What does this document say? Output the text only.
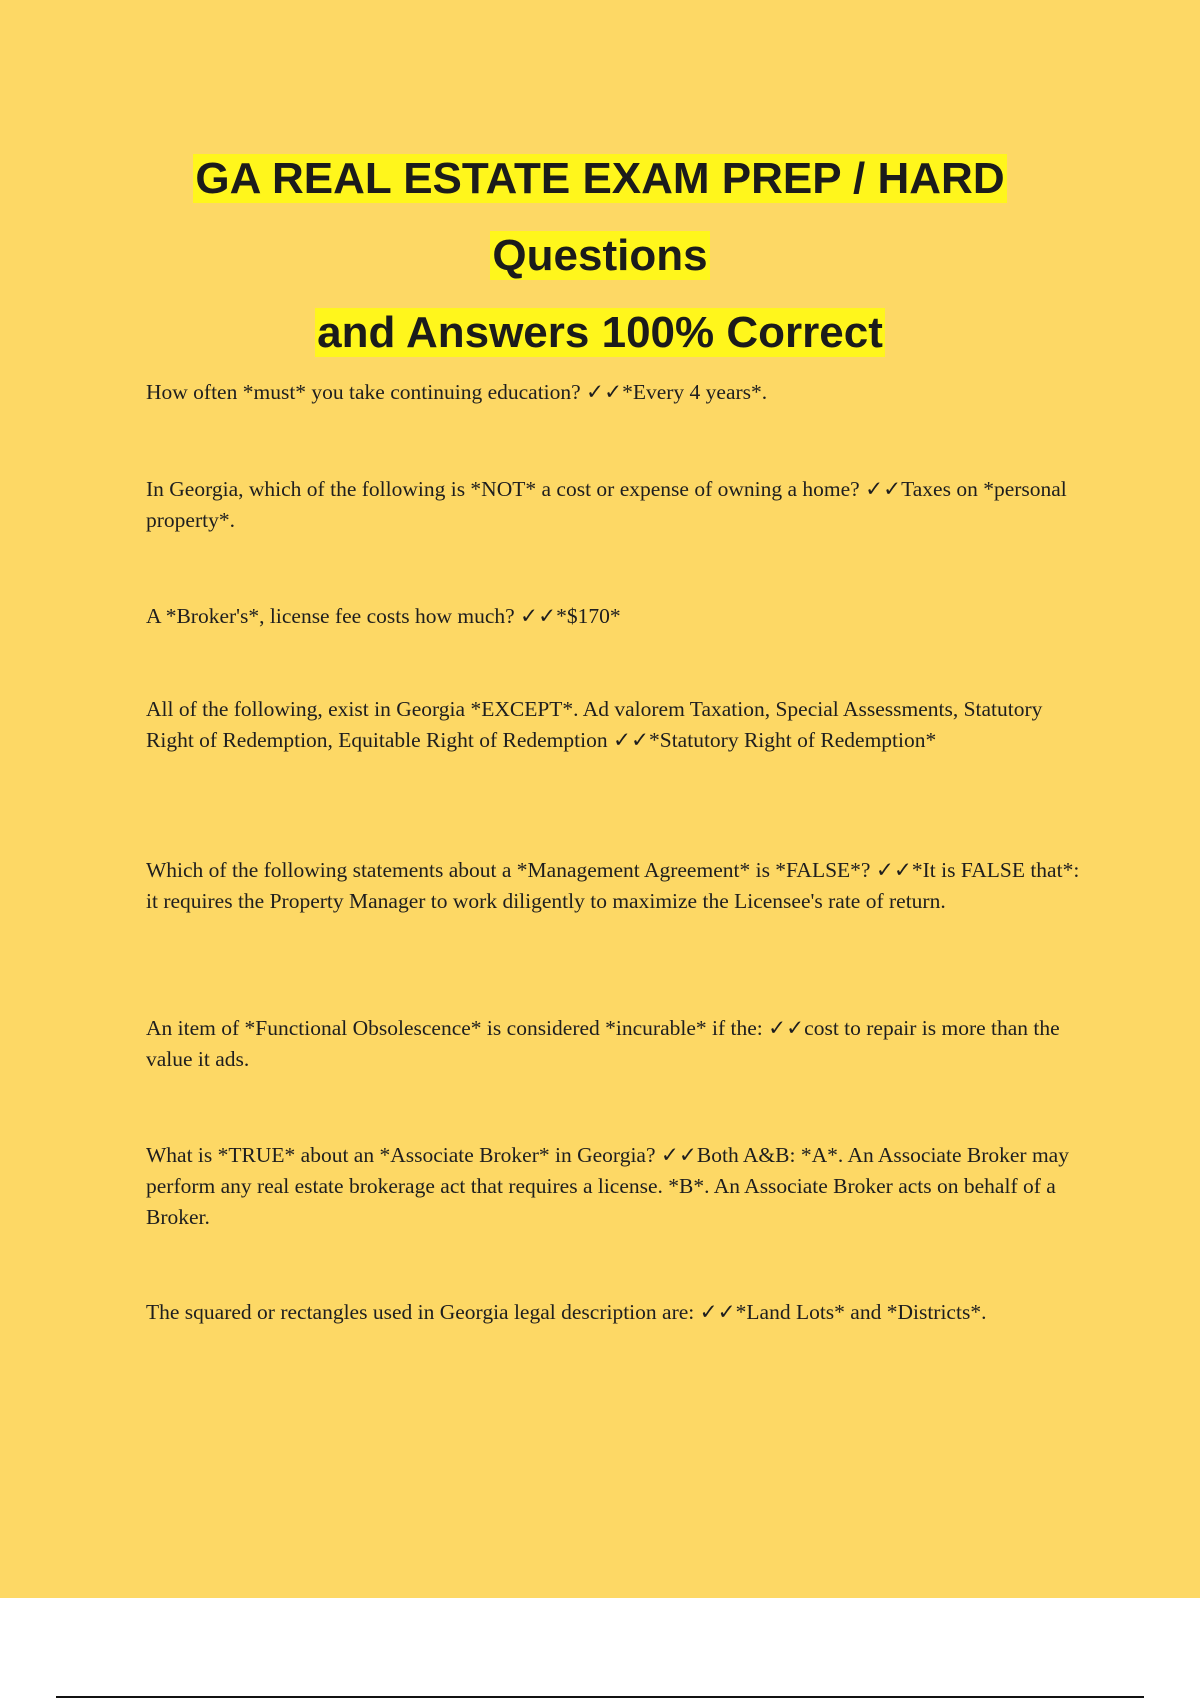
GA REAL ESTATE EXAM PREP / HARD
Questions
and Answers 100% Correct

How often *must* you take continuing education? ✓✓*Every 4 years*.

In Georgia, which of the following is *NOT* a cost or expense of owning a home? ✓✓Taxes on *personal property*.

A *Broker's*, license fee costs how much? ✓✓*$170*

All of the following, exist in Georgia *EXCEPT*. Ad valorem Taxation, Special Assessments, Statutory Right of Redemption, Equitable Right of Redemption ✓✓*Statutory Right of Redemption*

Which of the following statements about a *Management Agreement* is *FALSE*? ✓✓*It is FALSE that*: it requires the Property Manager to work diligently to maximize the Licensee's rate of return.

An item of *Functional Obsolescence* is considered *incurable* if the: ✓✓cost to repair is more than the value it ads.

What is *TRUE* about an *Associate Broker* in Georgia? ✓✓Both A&B: *A*. An Associate Broker may perform any real estate brokerage act that requires a license. *B*. An Associate Broker acts on behalf of a Broker.

The squared or rectangles used in Georgia legal description are: ✓✓*Land Lots* and *Districts*.
